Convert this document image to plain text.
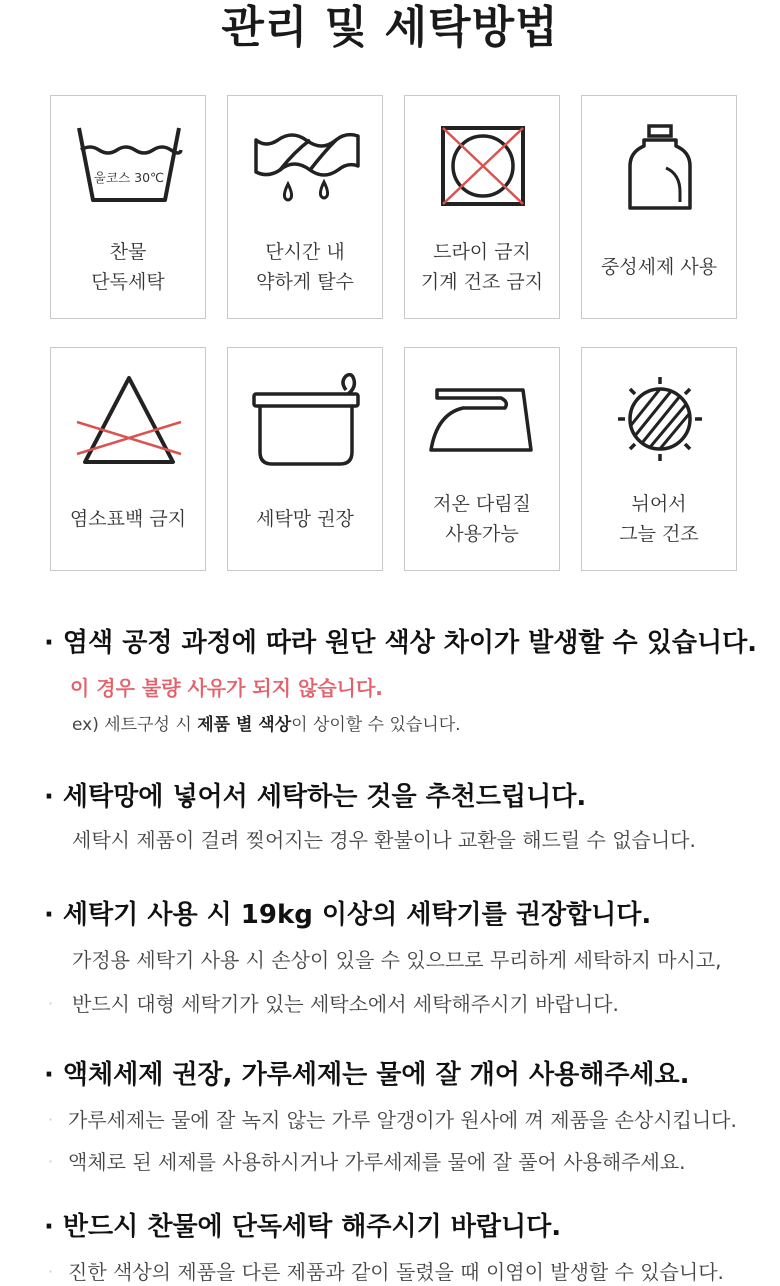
관리 및 세탁방법
울코스 30℃
찬물
단독세탁
단시간 내
약하게 탈수
드라이 금지
기계 건조 금지
중성세제 사용
염소표백 금지	세탁망 권장
저온 다림질
사용가능
뉘어서
그늘 건조
· 염색 공정 과정에 따라 원단 색상 차이가 발생할 수 있습니다.
이 경우 불량 사유가 되지 않습니다.
ex) 세트구성 시 제품 별 색상이 상이할 수 있습니다.
· 세탁망에 넣어서 세탁하는 것을 추천드립니다.
세탁시 제품이 걸려 찢어지는 경우 환불이나 교환을 해드릴 수 없습니다.
· 세탁기 사용 시 19kg 이상의 세탁기를 권장합니다.
가정용 세탁기 사용 시 손상이 있을 수 있으므로 무리하게 세탁하지 마시고,
· 반드시 대형 세탁기가 있는 세탁소에서 세탁해주시기 바랍니다.
· 액체세제 권장, 가루세제는 물에 잘 개어 사용해주세요.
· 가루세제는 물에 잘 녹지 않는 가루 알갱이가 원사에 껴 제품을 손상시킵니다.
· 액체로 된 세제를 사용하시거나 가루세제를 물에 잘 풀어 사용해주세요.
· 반드시 찬물에 단독세탁 해주시기 바랍니다.
· 진한 색상의 제품을 다른 제품과 같이 돌렸을 때 이염이 발생할 수 있습니다.
